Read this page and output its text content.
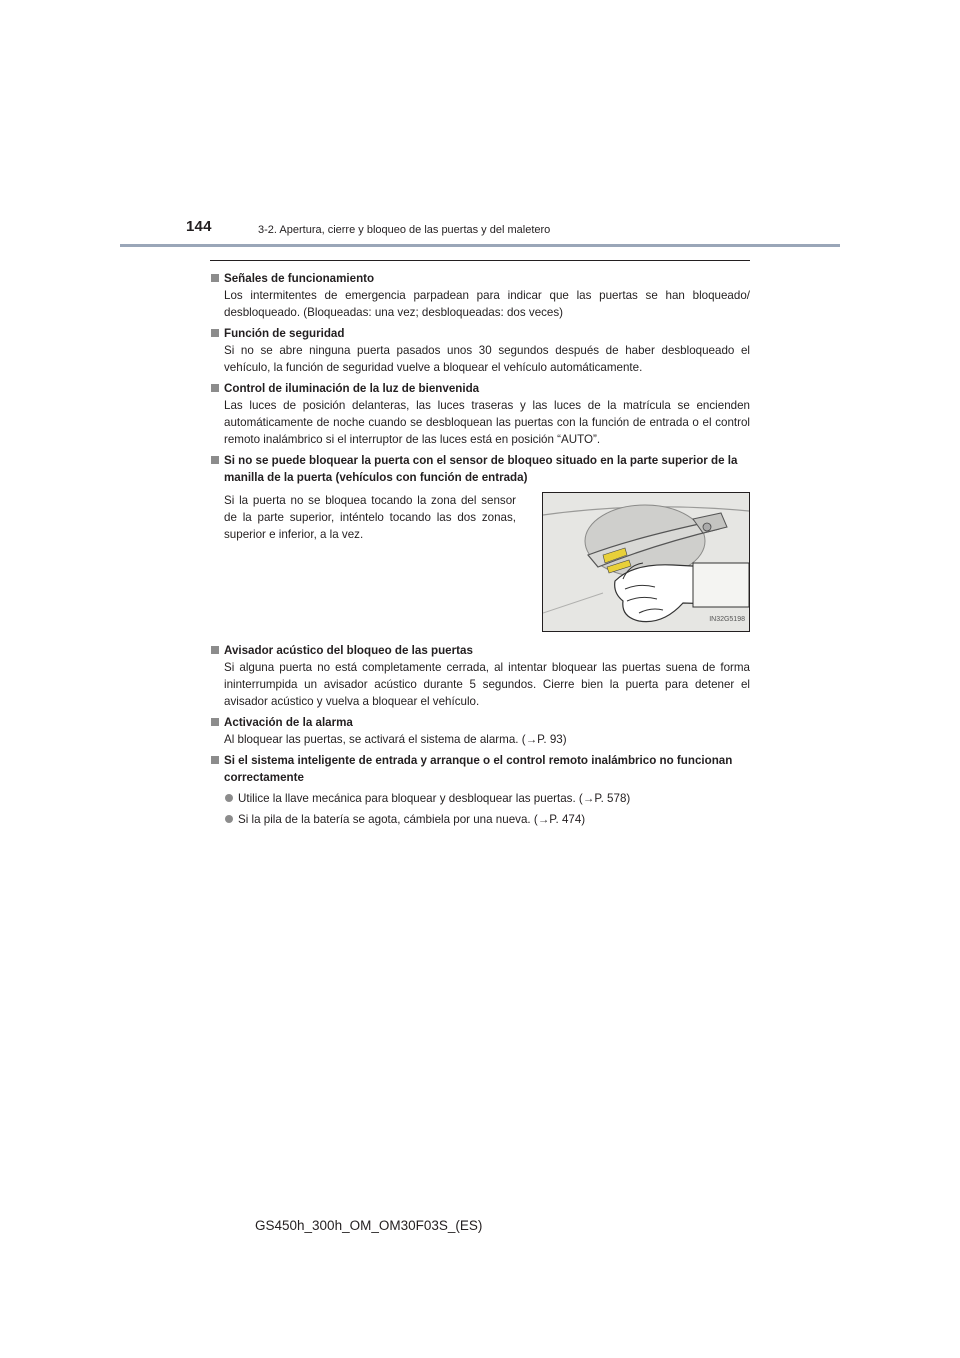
144	3-2. Apertura, cierre y bloqueo de las puertas y del maletero
Señales de funcionamiento
Los intermitentes de emergencia parpadean para indicar que las puertas se han bloqueado/ desbloqueado. (Bloqueadas: una vez; desbloqueadas: dos veces)
Función de seguridad
Si no se abre ninguna puerta pasados unos 30 segundos después de haber desbloqueado el vehículo, la función de seguridad vuelve a bloquear el vehículo automáticamente.
Control de iluminación de la luz de bienvenida
Las luces de posición delanteras, las luces traseras y las luces de la matrícula se encienden automáticamente de noche cuando se desbloquean las puertas con la función de entrada o el control remoto inalámbrico si el interruptor de las luces está en posición “AUTO”.
Si no se puede bloquear la puerta con el sensor de bloqueo situado en la parte superior de la manilla de la puerta (vehículos con función de entrada)
Si la puerta no se bloquea tocando la zona del sensor de la parte superior, inténtelo tocando las dos zonas, superior e inferior, a la vez.
IN32G5198
Avisador acústico del bloqueo de las puertas
Si alguna puerta no está completamente cerrada, al intentar bloquear las puertas suena de forma ininterrumpida un avisador acústico durante 5 segundos. Cierre bien la puerta para detener el avisador acústico y vuelva a bloquear el vehículo.
Activación de la alarma
Al bloquear las puertas, se activará el sistema de alarma. (→P. 93)
Si el sistema inteligente de entrada y arranque o el control remoto inalámbrico no funcionan correctamente
Utilice la llave mecánica para bloquear y desbloquear las puertas. (→P. 578)
Si la pila de la batería se agota, cámbiela por una nueva. (→P. 474)
GS450h_300h_OM_OM30F03S_(ES)
